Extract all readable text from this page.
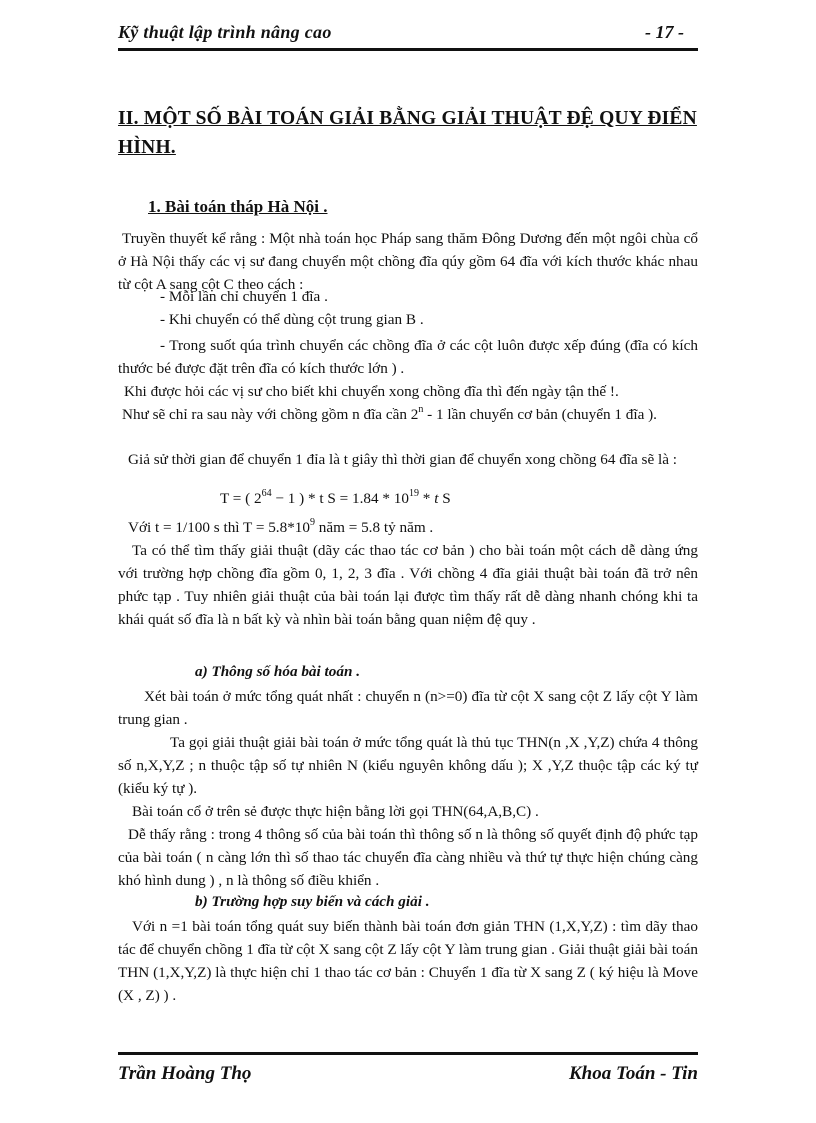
Kỹ thuật lập trình nâng cao	- 17 -
II. MỘT SỐ BÀI TOÁN GIẢI BẰNG GIẢI THUẬT ĐỆ QUY ĐIỂN HÌNH.
1. Bài toán tháp Hà Nội .

Truyền thuyết kể rằng : Một nhà toán học Pháp sang thăm Đông Dương đến một ngôi chùa cổ ở Hà Nội thấy các vị sư đang chuyển một chồng đĩa qúy gồm 64 đĩa với kích thước khác nhau từ cột A sang cột C theo cách :

- Mỗi lần chỉ chuyển 1 đĩa .

- Khi chuyển có thể dùng cột trung gian B .

- Trong suốt qúa trình chuyển các chồng đĩa ở các cột luôn được xếp đúng (đĩa có kích thước bé được đặt trên đĩa có kích thước lớn ) .

Khi được hỏi các vị sư cho biết khi chuyển xong chồng đĩa thì đến ngày tận thế !.

Như sẽ chỉ ra sau này với chồng gồm n đĩa cần 2$^n$ - 1 lần chuyển cơ bản (chuyển 1 đĩa ).

Giả sử thời gian để chuyển 1 đỉa là t giây thì thời gian để chuyển xong chồng 64 đĩa sẽ là :

T = ( $2^{64} - 1$ ) * t $S = 1.84 * 10^{19} * t$ S

Với t = 1/100 s thì $T = 5.8*10^9$ năm = 5.8 tỷ năm .

Ta có thể tìm thấy giải thuật (dãy các thao tác cơ bản ) cho bài toán một cách dễ dàng ứng với trường hợp chồng đĩa gồm 0, 1, 2, 3 đĩa . Với chồng 4 đĩa giải thuật bài toán đã trở nên phức tạp . Tuy nhiên giải thuật của bài toán lại được tìm thấy rất dễ dàng nhanh chóng khi ta khái quát số đĩa là n bất kỳ và nhìn bài toán bằng quan niệm đệ quy .

a) Thông số hóa bài toán .

Xét bài toán ở mức tổng quát nhất : chuyển n (n>=0) đĩa từ cột X sang cột Z lấy cột Y làm trung gian .

Ta gọi giải thuật giải bài toán ở mức tổng quát là thủ tục THN(n ,X ,Y,Z) chứa 4 thông số n,X,Y,Z ; n thuộc tập số tự nhiên N (kiểu nguyên không dấu ); X ,Y,Z thuộc tập các ký tự (kiểu ký tự ).

Bài toán cổ ở trên sẻ được thực hiện bằng lời gọi THN(64,A,B,C) .

Dễ thấy rằng : trong 4 thông số của bài toán thì thông số n là thông số quyết định độ phức tạp của bài toán ( n càng lớn thì số thao tác chuyển đĩa càng nhiều và thứ tự thực hiện chúng càng khó hình dung ) , n là thông số điều khiển .

b) Trường hợp suy biến và cách giải .

Với n =1 bài toán tổng quát suy biến thành bài toán đơn giản THN (1,X,Y,Z) : tìm dãy thao tác để chuyển chồng 1 đĩa từ cột X sang cột Z lấy cột Y làm trung gian . Giải thuật giải bài toán THN (1,X,Y,Z) là thực hiện chỉ 1 thao tác cơ bản : Chuyển 1 đĩa từ X sang Z ( ký hiệu là Move (X , Z) ) .

Trần Hoàng Thọ	Khoa Toán - Tin
